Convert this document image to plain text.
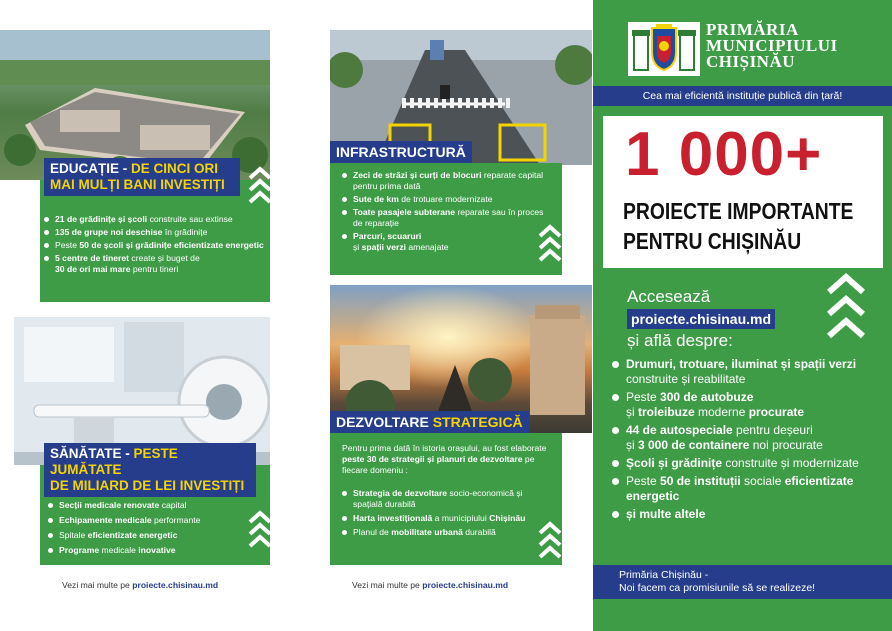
EDUCAȚIE - DE CINCI ORI
MAI MULȚI BANI INVESTIȚI
21 de grădinițe și școli construite sau extinse
135 de grupe noi deschise în grădinițe
Peste 50 de școli și grădinițe eficientizate energetic
5 centre de tineret create și buget de
30 de ori mai mare pentru tineri
SĂNĂTATE - PESTE JUMĂTATE
DE MILIARD DE LEI INVESTIȚI
Secții medicale renovate capital
Echipamente medicale performante
Spitale eficientizate energetic
Programe medicale inovative
Vezi mai multe pe proiecte.chisinau.md
INFRASTRUCTURĂ
Zeci de străzi și curți de blocuri reparate capital pentru prima dată
Sute de km de trotuare modernizate
Toate pasajele subterane reparate sau în proces de reparație
Parcuri, scuaruri
și spații verzi amenajate
DEZVOLTARE STRATEGICĂ
Pentru prima dată în istoria orașului, au fost elaborate peste 30 de strategii și planuri de dezvoltare pe fiecare domeniu :
Strategia de dezvoltare socio-economică și spațială durabilă
Harta investițională a municipiului Chișinău
Planul de mobilitate urbană durabilă
Vezi mai multe pe proiecte.chisinau.md
PRIMĂRIA
MUNICIPIULUI
CHIȘINĂU
Cea mai eficientă instituție publică din țară!
1 000+
PROIECTE IMPORTANTE
PENTRU CHIȘINĂU
Accesează
proiecte.chisinau.md
și află despre:
Drumuri, trotuare, iluminat și spații verzi construite și reabilitate
Peste 300 de autobuze
și troleibuze moderne procurate
44 de autospeciale pentru deșeuri
și 3 000 de containere noi procurate
Școli și grădinițe construite și modernizate
Peste 50 de instituții sociale eficientizate energetic
și multe altele
Primăria Chișinău -
Noi facem ca promisiunile să se realizeze!
